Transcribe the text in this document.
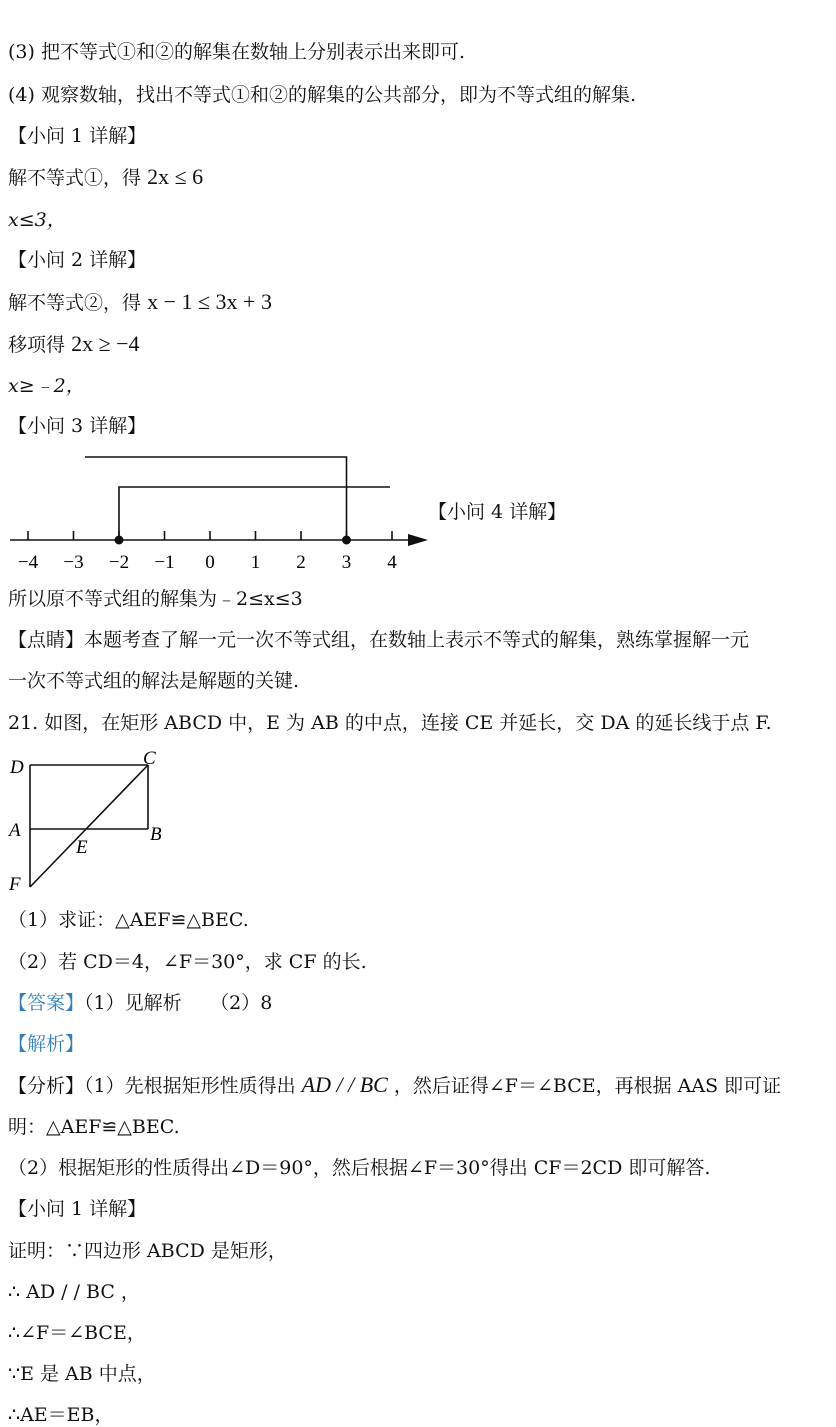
(3) 把不等式①和②的解集在数轴上分别表示出来即可.
(4) 观察数轴，找出不等式①和②的解集的公共部分，即为不等式组的解集.
【小问 1 详解】
解不等式①，得 2x ≤ 6
x≤3，
【小问 2 详解】
解不等式②，得 x − 1 ≤ 3x + 3
移项得 2x ≥ −4
x≥﹣2，
【小问 3 详解】
−4 −3 −2 −1 0 1 2 3 4
【小问 4 详解】
所以原不等式组的解集为﹣2≤x≤3
【点睛】本题考查了解一元一次不等式组，在数轴上表示不等式的解集，熟练掌握解一元
一次不等式组的解法是解题的关键.
21. 如图，在矩形 ABCD 中，E 为 AB 的中点，连接 CE 并延长，交 DA 的延长线于点 F.
D	C
A	B
E
F
（1）求证：△AEF≌△BEC.
（2）若 CD＝4，∠F＝30°，求 CF 的长.
【答案】（1）见解析　　（2）8
【解析】
【分析】（1）先根据矩形性质得出 AD / / BC ，然后证得∠F＝∠BCE，再根据 AAS 即可证
明：△AEF≌△BEC.
（2）根据矩形的性质得出∠D＝90°，然后根据∠F＝30°得出 CF＝2CD 即可解答.
【小问 1 详解】
证明：∵四边形 ABCD 是矩形，
∴ AD / / BC ，
∴∠F＝∠BCE，
∵E 是 AB 中点，
∴AE＝EB，
